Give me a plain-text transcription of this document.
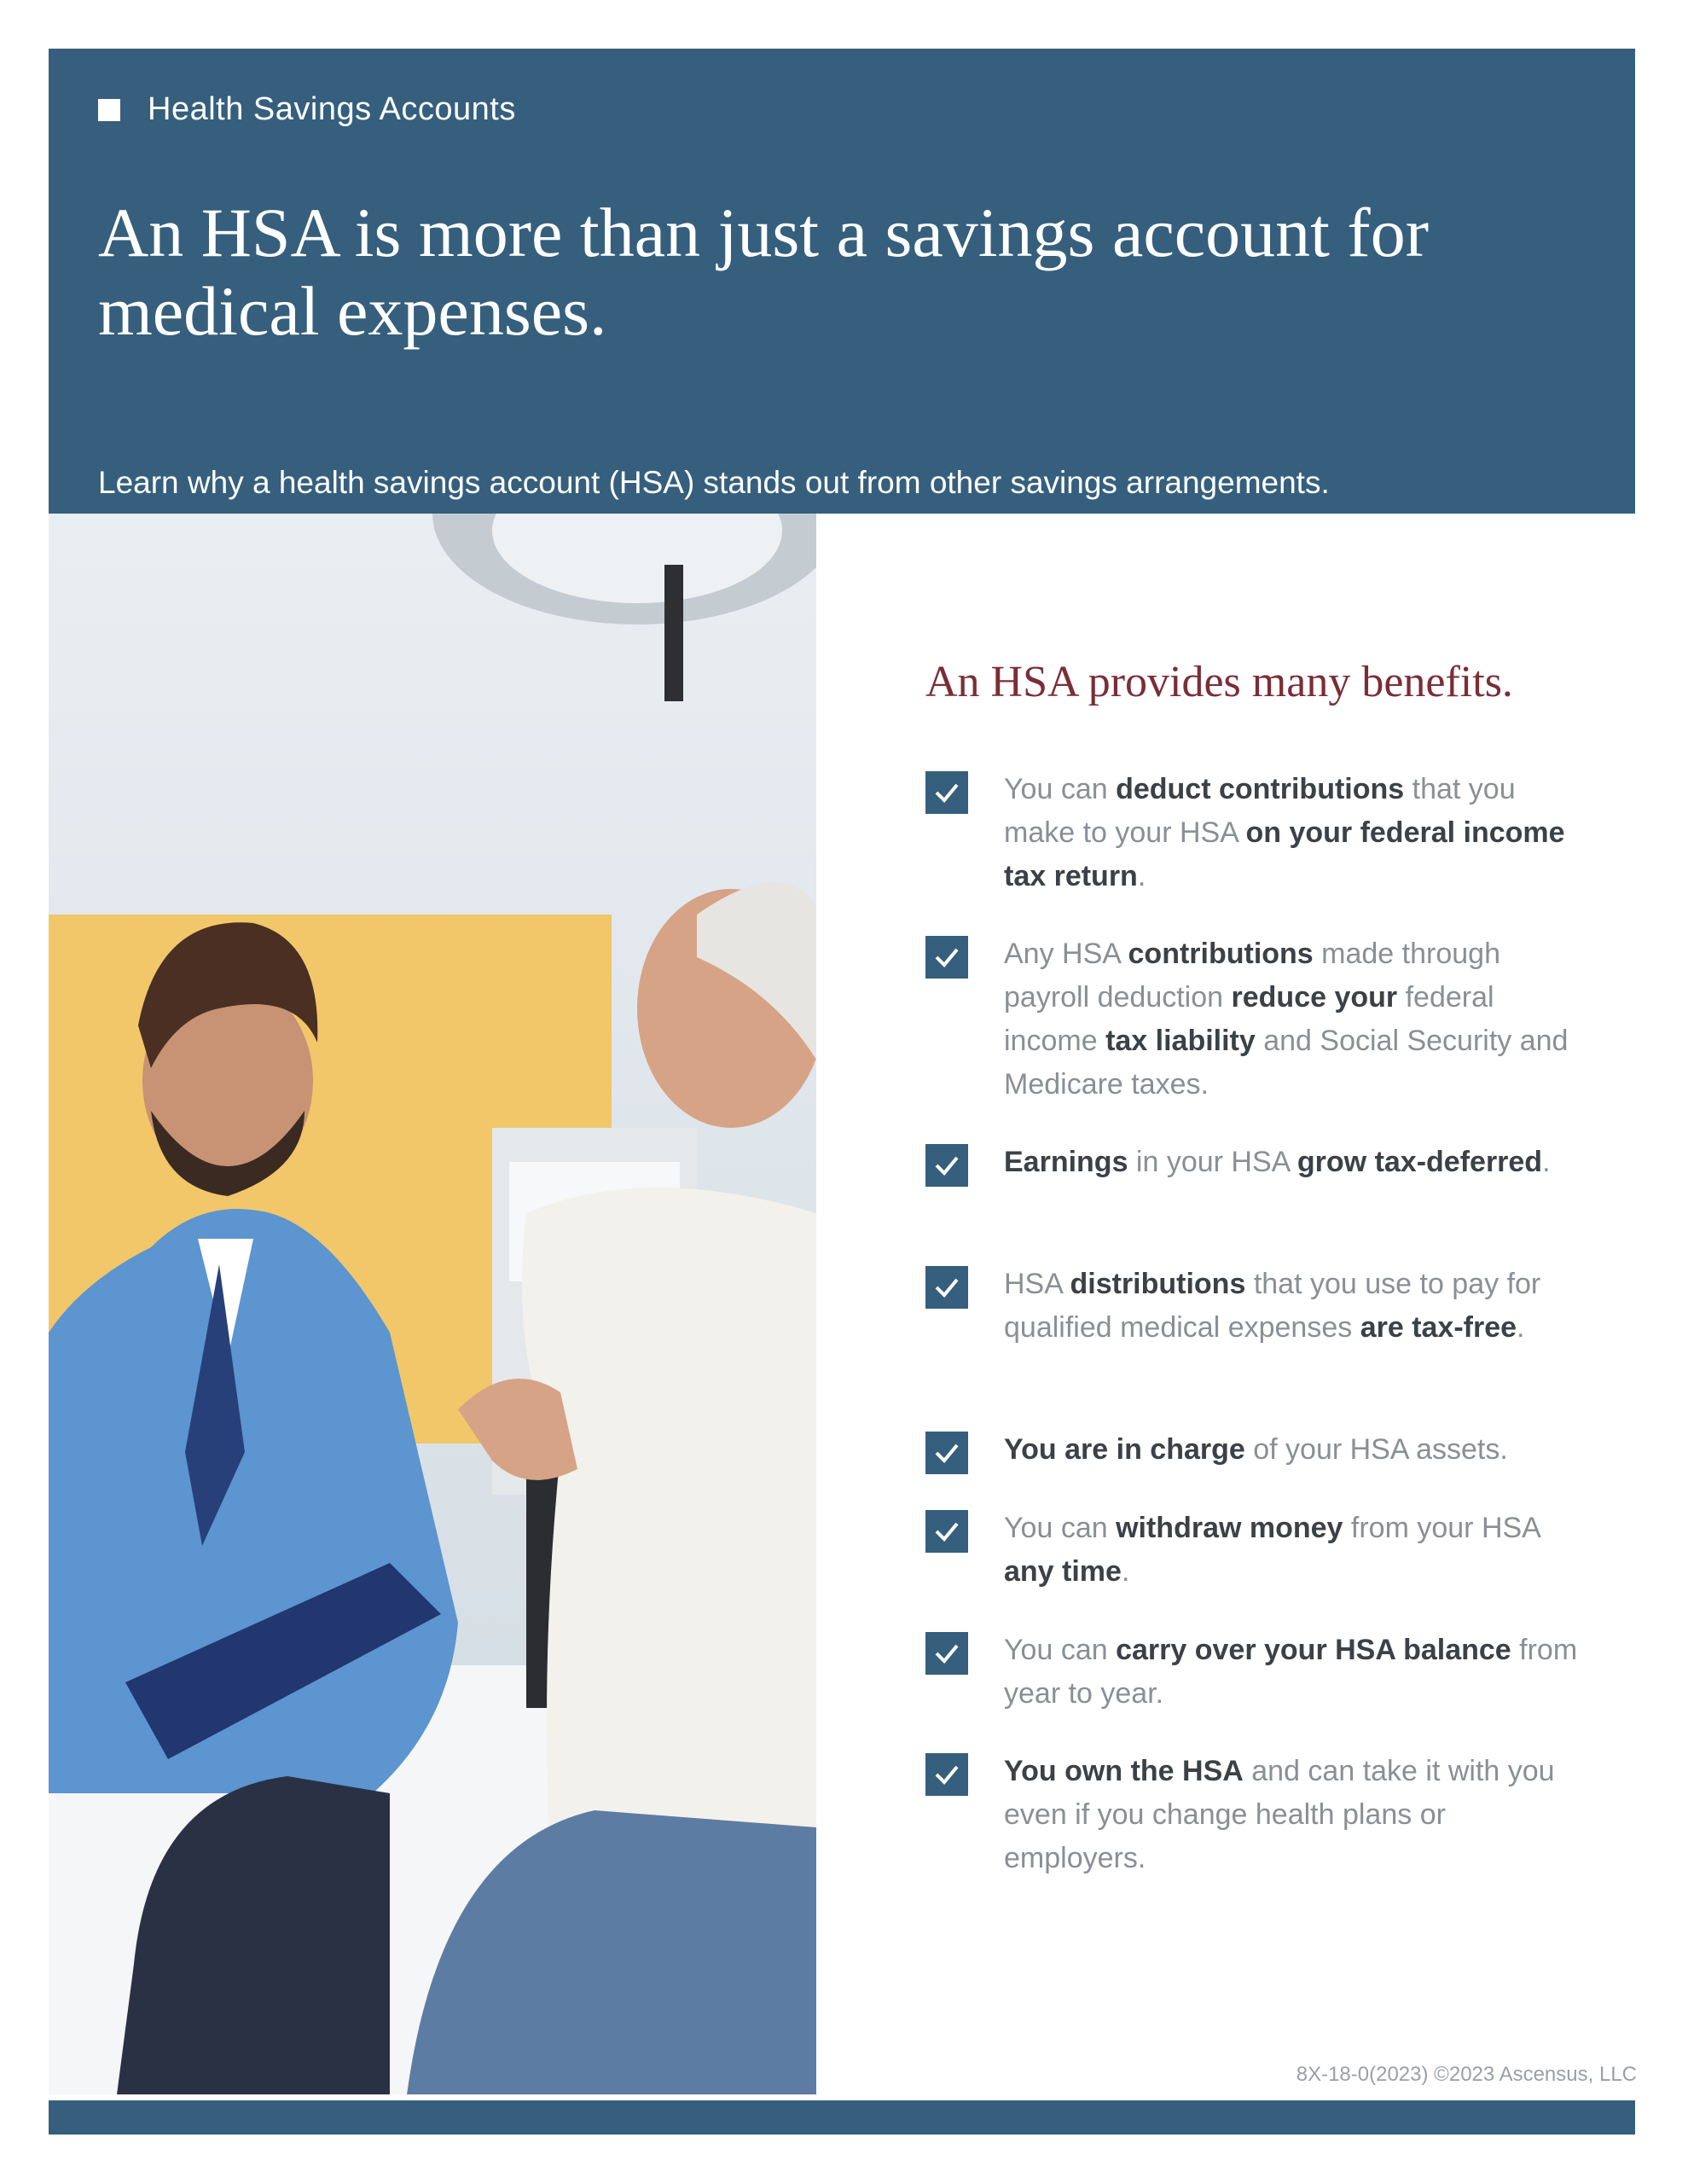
Health Savings Accounts
An HSA is more than just a savings account for medical expenses.

Learn why a health savings account (HSA) stands out from other savings arrangements.

An HSA provides many benefits.
You can deduct contributions that you make to your HSA on your federal income tax return.
Any HSA contributions made through payroll deduction reduce your federal income tax liability and Social Security and Medicare taxes.
Earnings in your HSA grow tax-deferred.
HSA distributions that you use to pay for qualified medical expenses are tax-free.
You are in charge of your HSA assets.
You can withdraw money from your HSA any time.
You can carry over your HSA balance from year to year.
You own the HSA and can take it with you even if you change health plans or employers.
8X-18-0(2023) ©2023 Ascensus, LLC
